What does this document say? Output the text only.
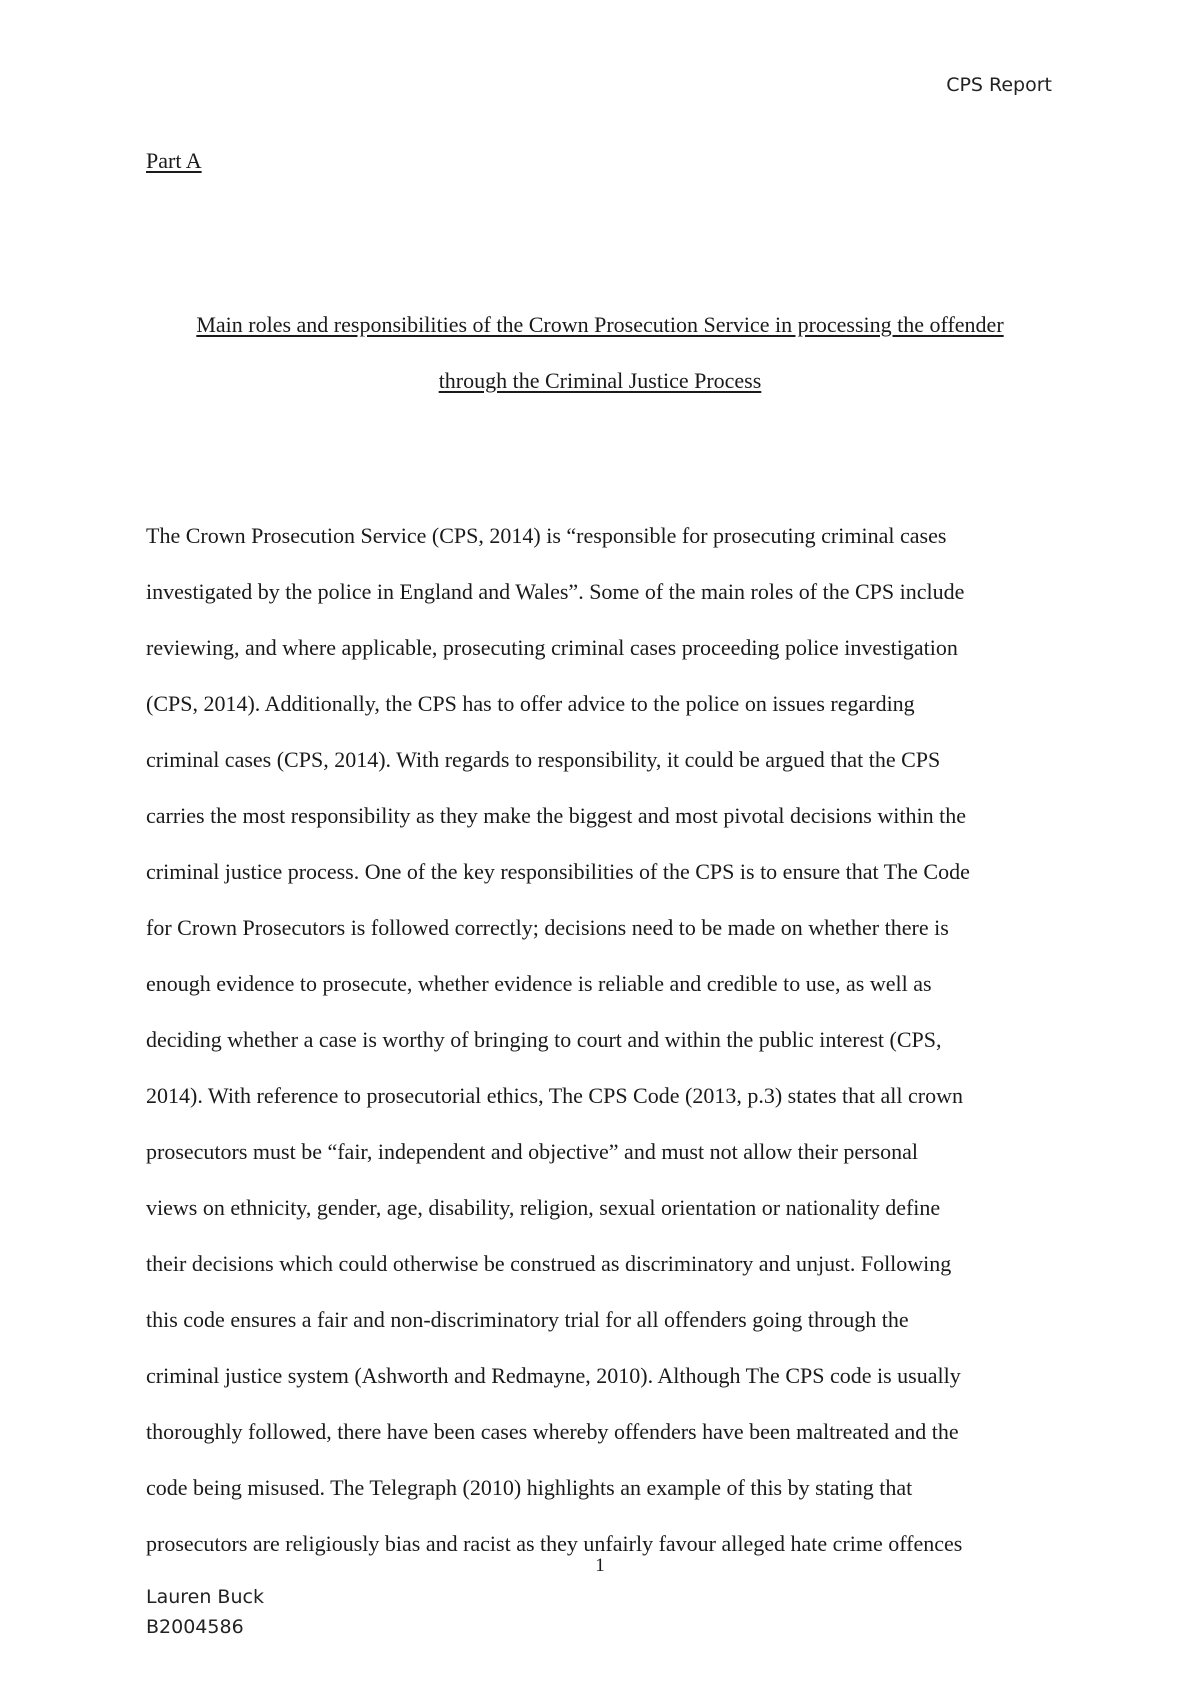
CPS Report
Part A
Main roles and responsibilities of the Crown Prosecution Service in processing the offender
through the Criminal Justice Process

The Crown Prosecution Service (CPS, 2014) is “responsible for prosecuting criminal cases
investigated by the police in England and Wales”. Some of the main roles of the CPS include
reviewing, and where applicable, prosecuting criminal cases proceeding police investigation
(CPS, 2014). Additionally, the CPS has to offer advice to the police on issues regarding
criminal cases (CPS, 2014). With regards to responsibility, it could be argued that the CPS
carries the most responsibility as they make the biggest and most pivotal decisions within the
criminal justice process. One of the key responsibilities of the CPS is to ensure that The Code
for Crown Prosecutors is followed correctly; decisions need to be made on whether there is
enough evidence to prosecute, whether evidence is reliable and credible to use, as well as
deciding whether a case is worthy of bringing to court and within the public interest (CPS,
2014). With reference to prosecutorial ethics, The CPS Code (2013, p.3) states that all crown
prosecutors must be “fair, independent and objective” and must not allow their personal
views on ethnicity, gender, age, disability, religion, sexual orientation or nationality define
their decisions which could otherwise be construed as discriminatory and unjust. Following
this code ensures a fair and non-discriminatory trial for all offenders going through the
criminal justice system (Ashworth and Redmayne, 2010). Although The CPS code is usually
thoroughly followed, there have been cases whereby offenders have been maltreated and the
code being misused. The Telegraph (2010) highlights an example of this by stating that
prosecutors are religiously bias and racist as they unfairly favour alleged hate crime offences

1
Lauren Buck
B2004586
